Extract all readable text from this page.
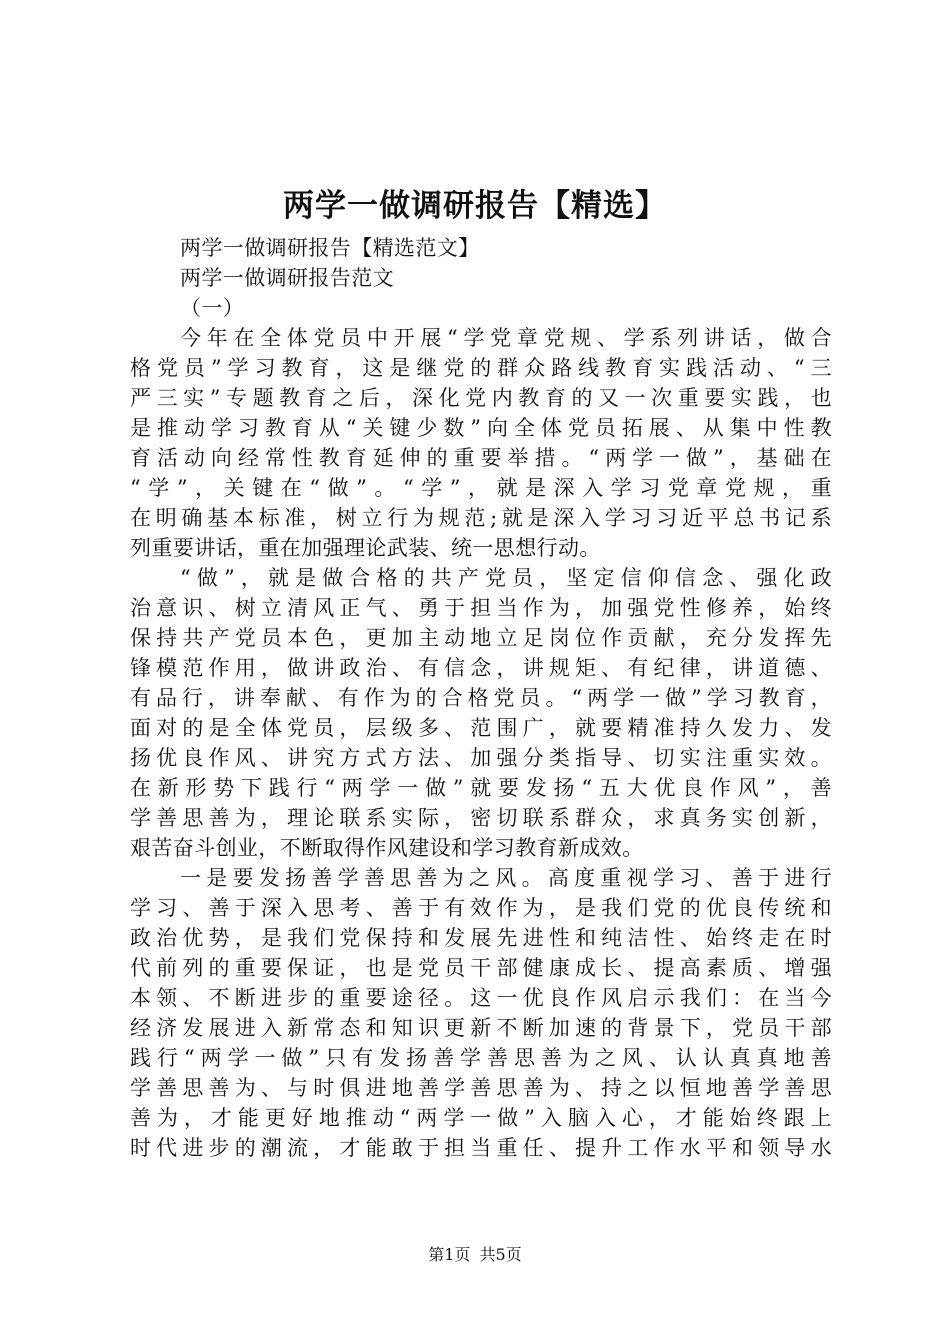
两学一做调研报告【精选】

两学一做调研报告【精选范文】

两学一做调研报告范文

（一）

今年在全体党员中开展“学党章党规、学系列讲话，做合

格党员”学习教育，这是继党的群众路线教育实践活动、“三

严三实”专题教育之后，深化党内教育的又一次重要实践，也

是推动学习教育从“关键少数”向全体党员拓展、从集中性教

育活动向经常性教育延伸的重要举措。“两学一做”，基础在

“学”，关键在“做”。“学”，就是深入学习党章党规，重

在明确基本标准，树立行为规范;就是深入学习习近平总书记系

列重要讲话，重在加强理论武装、统一思想行动。

“做”，就是做合格的共产党员，坚定信仰信念、强化政

治意识、树立清风正气、勇于担当作为，加强党性修养，始终

保持共产党员本色，更加主动地立足岗位作贡献，充分发挥先

锋模范作用，做讲政治、有信念，讲规矩、有纪律，讲道德、

有品行，讲奉献、有作为的合格党员。“两学一做”学习教育，

面对的是全体党员，层级多、范围广，就要精准持久发力、发

扬优良作风、讲究方式方法、加强分类指导、切实注重实效。

在新形势下践行“两学一做”就要发扬“五大优良作风”，善

学善思善为，理论联系实际，密切联系群众，求真务实创新，

艰苦奋斗创业，不断取得作风建设和学习教育新成效。

一是要发扬善学善思善为之风。高度重视学习、善于进行

学习、善于深入思考、善于有效作为，是我们党的优良传统和

政治优势，是我们党保持和发展先进性和纯洁性、始终走在时

代前列的重要保证，也是党员干部健康成长、提高素质、增强

本领、不断进步的重要途径。这一优良作风启示我们：在当今

经济发展进入新常态和知识更新不断加速的背景下，党员干部

践行“两学一做”只有发扬善学善思善为之风、认认真真地善

学善思善为、与时俱进地善学善思善为、持之以恒地善学善思

善为，才能更好地推动“两学一做”入脑入心，才能始终跟上

时代进步的潮流，才能敢于担当重任、提升工作水平和领导水

第1页 共5页
